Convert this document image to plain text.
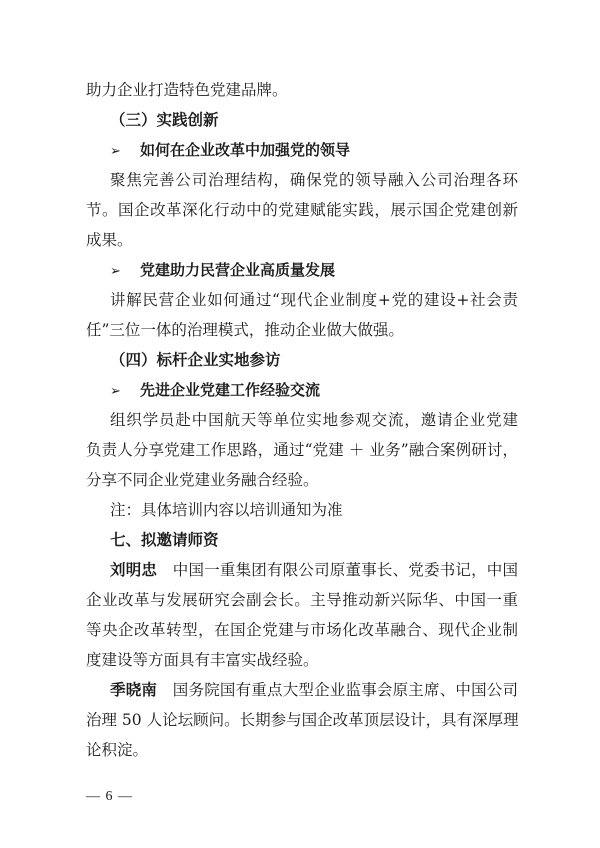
助力企业打造特色党建品牌。

（三）实践创新

➢ 如何在企业改革中加强党的领导

聚焦完善公司治理结构，确保党的领导融入公司治理各环

节。国企改革深化行动中的党建赋能实践，展示国企党建创新

成果。

➢ 党建助力民营企业高质量发展

讲解民营企业如何通过“现代企业制度+党的建设+社会责

任”三位一体的治理模式，推动企业做大做强。

（四）标杆企业实地参访

➢ 先进企业党建工作经验交流

组织学员赴中国航天等单位实地参观交流，邀请企业党建

负责人分享党建工作思路，通过“党建 ＋ 业务”融合案例研讨，

分享不同企业党建业务融合经验。

注：具体培训内容以培训通知为准

七、拟邀请师资

刘明忠  中国一重集团有限公司原董事长、党委书记，中国

企业改革与发展研究会副会长。主导推动新兴际华、中国一重

等央企改革转型，在国企党建与市场化改革融合、现代企业制

度建设等方面具有丰富实战经验。

季晓南  国务院国有重点大型企业监事会原主席、中国公司

治理 50 人论坛顾问。长期参与国企改革顶层设计，具有深厚理

论积淀。

— 6 —
